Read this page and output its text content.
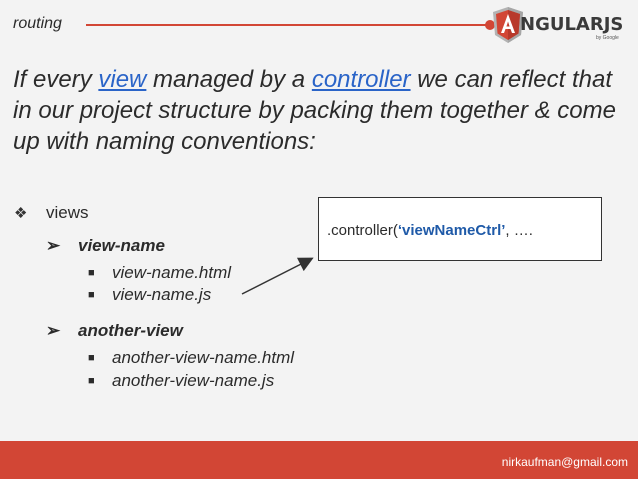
routing	NGULARJS
by Google
If every view managed by a controller we can reflect that in our project structure by packing them together & come up with naming conventions:
❖ views
➢ view-name
■ view-name.html
■ view-name.js
➢ another-view
■ another-view-name.html
■ another-view-name.js
.controller(‘viewNameCtrl’, ….
nirkaufman@gmail.com
